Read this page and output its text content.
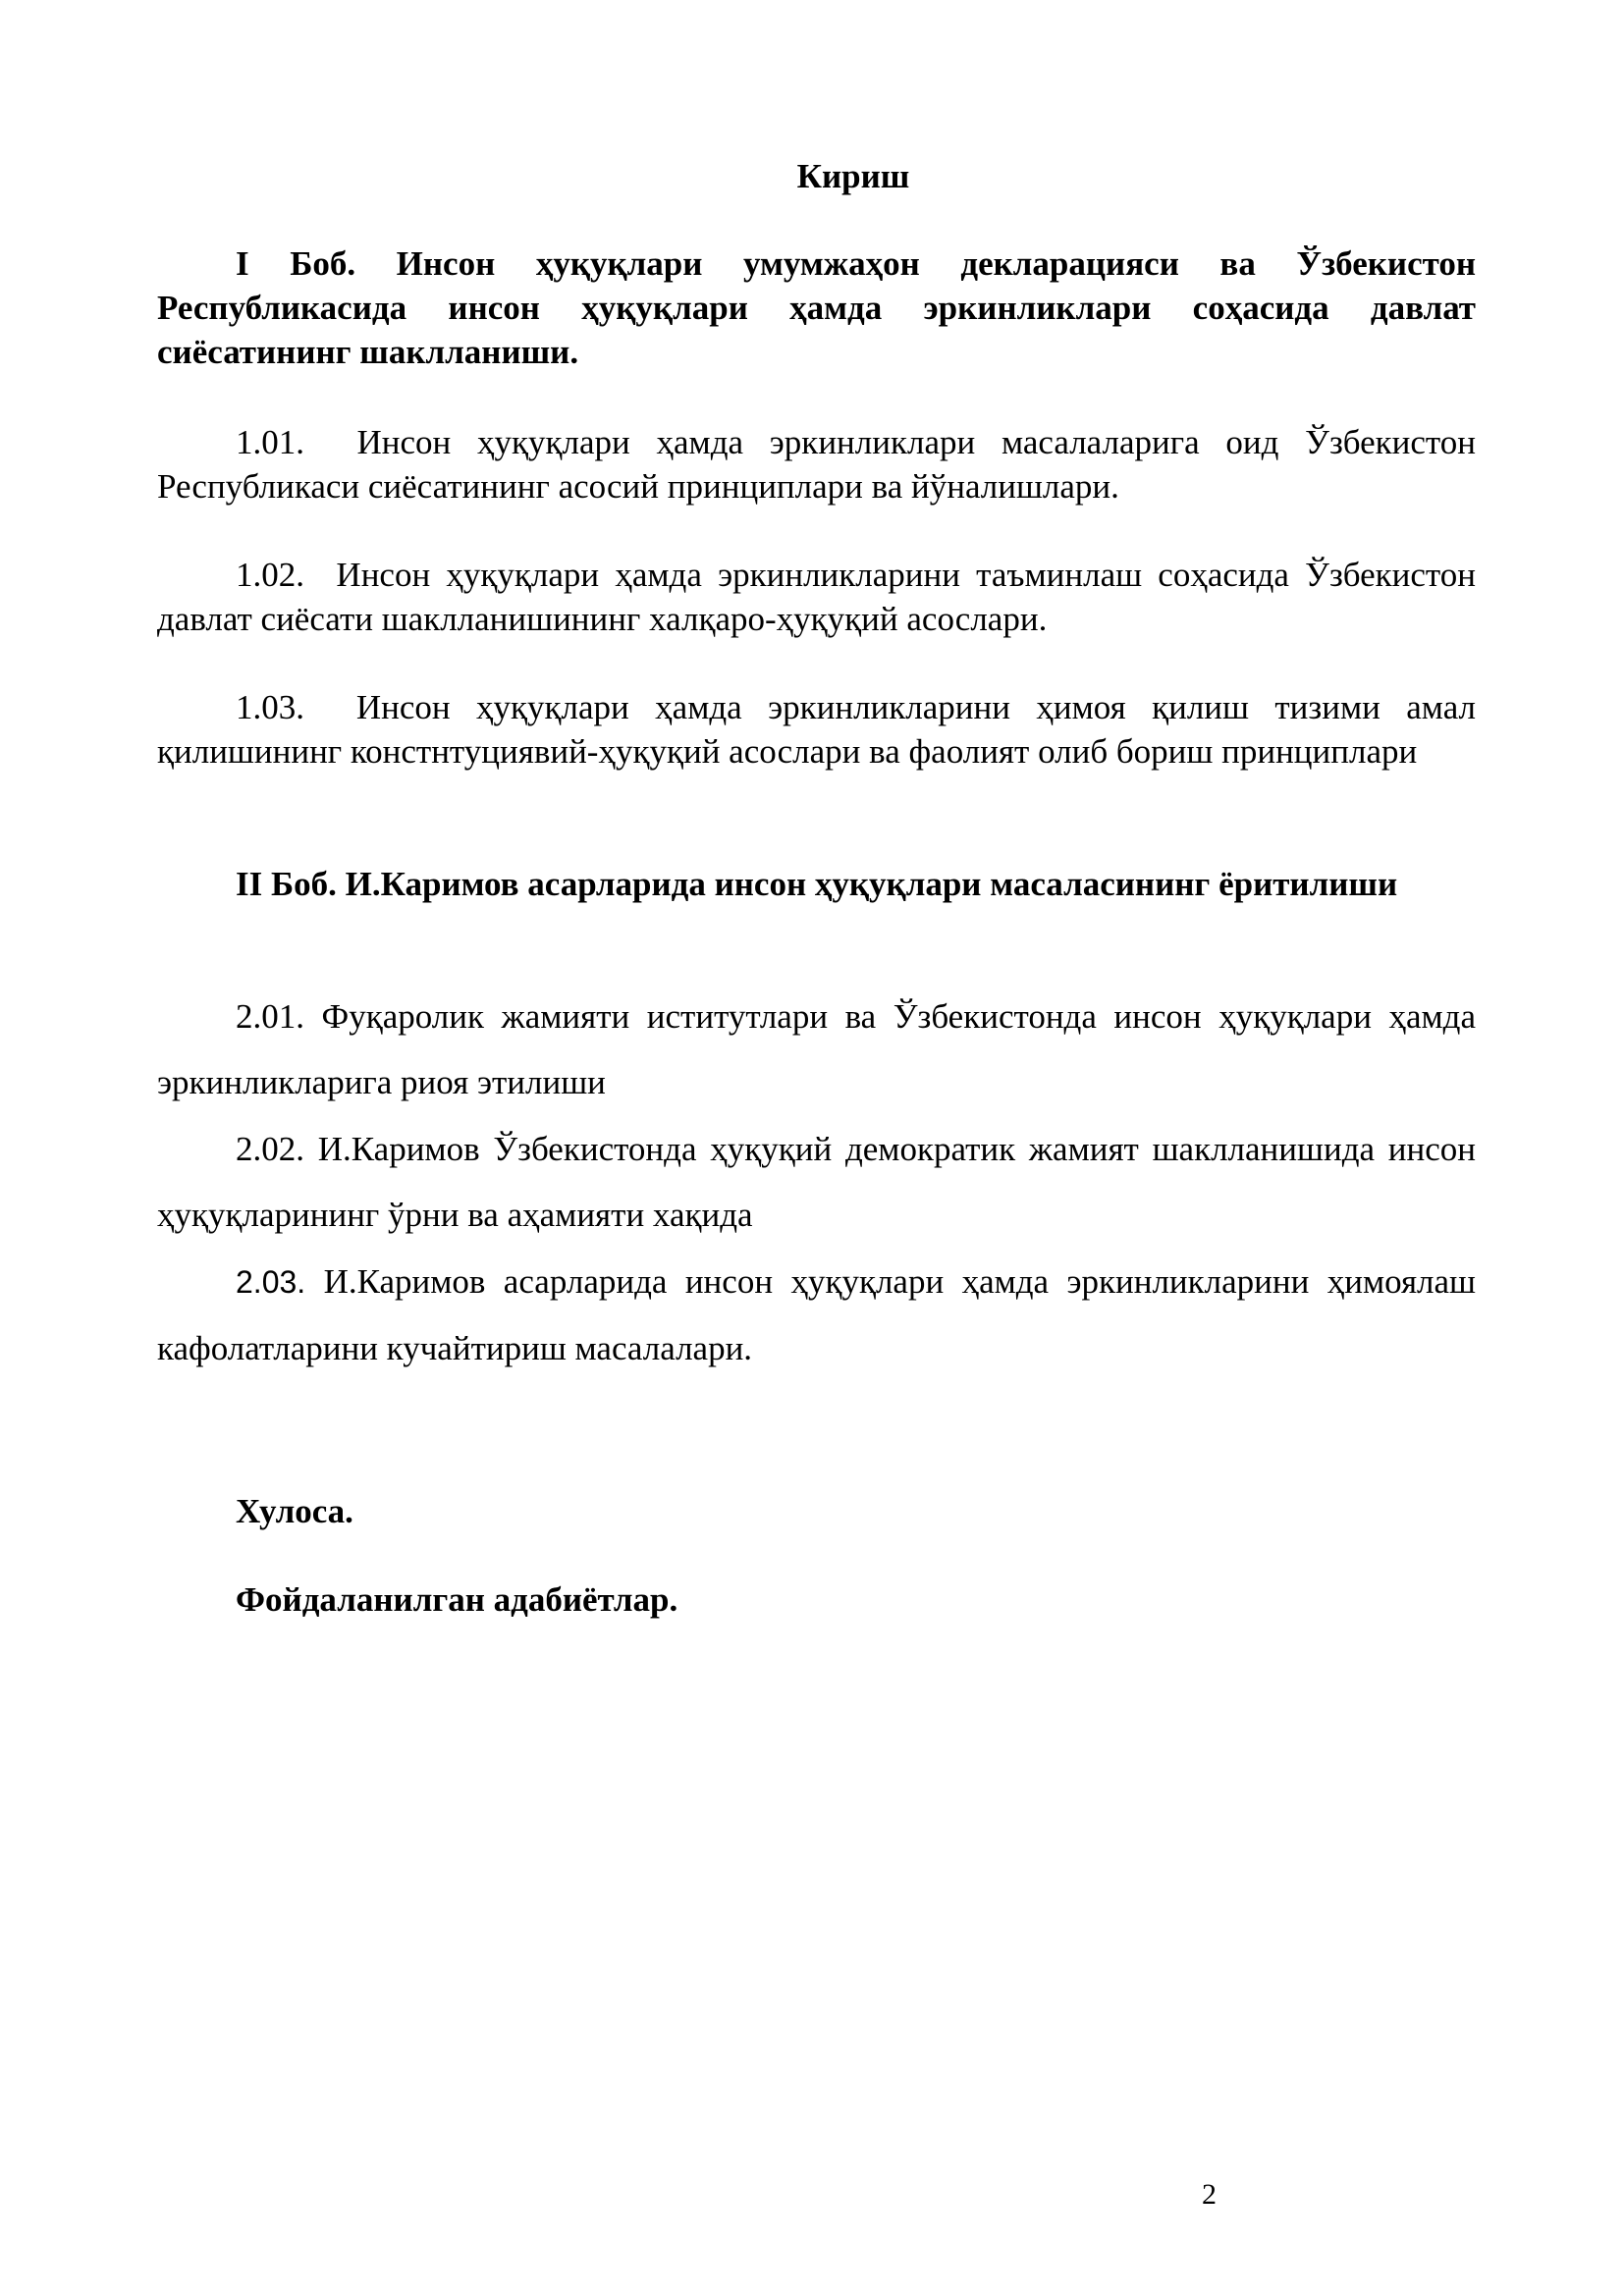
Кириш

I Боб. Инсон ҳуқуқлари умумжаҳон декларацияси ва Ўзбекистон Республикасида инсон ҳуқуқлари ҳамда эркинликлари соҳасида давлат сиёсатининг шаклланиши.

1.01. Инсон ҳуқуқлари ҳамда эркинликлари масалаларига оид Ўзбекистон Республикаси сиёсатининг асосий принциплари ва йўналишлари.

1.02. Инсон ҳуқуқлари ҳамда эркинликларини таъминлаш соҳасида Ўзбекистон давлат сиёсати шаклланишининг халқаро-ҳуқуқий асослари.

1.03. Инсон ҳуқуқлари ҳамда эркинликларини ҳимоя қилиш тизими амал қилишининг констнтуциявий-ҳуқуқий асослари ва фаолият олиб бориш принциплари

II Боб. И.Каримов асарларида инсон ҳуқуқлари масаласининг ёритилиши

2.01. Фуқаролик жамияти иститутлари ва Ўзбекистонда инсон ҳуқуқлари ҳамда эркинликларига риоя этилиши

2.02. И.Каримов Ўзбекистонда ҳуқуқий демократик жамият шаклланишида инсон ҳуқуқларининг ўрни ва аҳамияти хақида

2.03. И.Каримов асарларида инсон ҳуқуқлари ҳамда эркинликларини ҳимоялаш кафолатларини кучайтириш масалалари.

Хулоса.

Фойдаланилган адабиётлар.

2
